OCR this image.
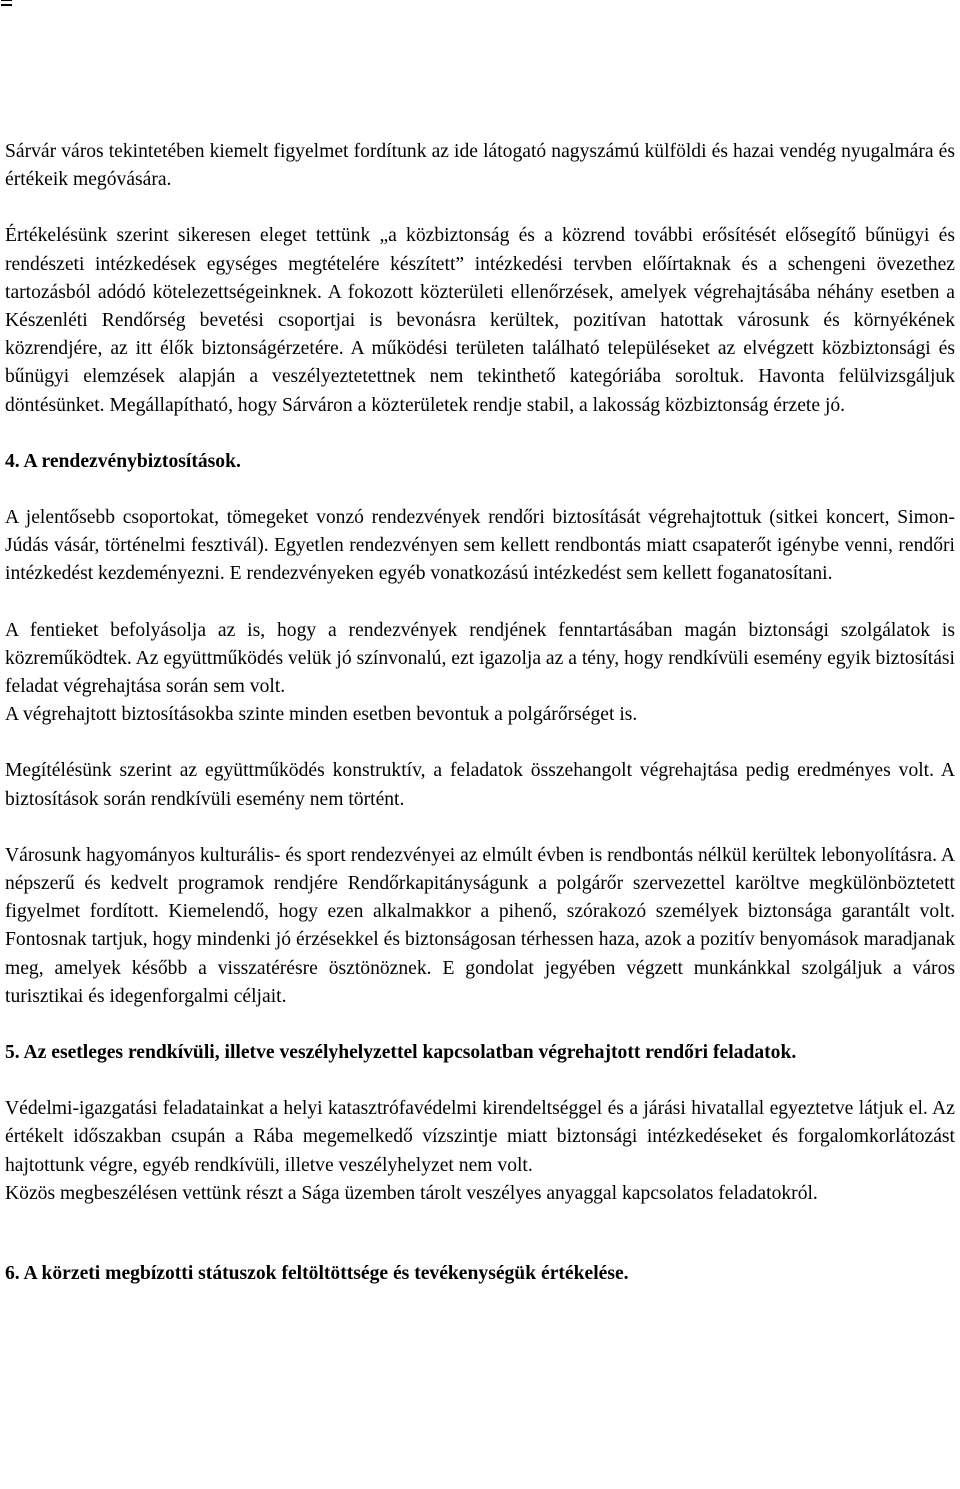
Sárvár város tekintetében kiemelt figyelmet fordítunk az ide látogató nagyszámú külföldi és hazai vendég nyugalmára és értékeik megóvására.

Értékelésünk szerint sikeresen eleget tettünk „a közbiztonság és a közrend további erősítését elősegítő bűnügyi és rendészeti intézkedések egységes megtételére készített” intézkedési tervben előírtaknak és a schengeni övezethez tartozásból adódó kötelezettségeinknek. A fokozott közterületi ellenőrzések, amelyek végrehajtásába néhány esetben a Készenléti Rendőrség bevetési csoportjai is bevonásra kerültek, pozitívan hatottak városunk és környékének közrendjére, az itt élők biztonságérzetére. A működési területen található településeket az elvégzett közbiztonsági és bűnügyi elemzések alapján a veszélyeztetettnek nem tekinthető kategóriába soroltuk. Havonta felülvizsgáljuk döntésünket. Megállapítható, hogy Sárváron a közterületek rendje stabil, a lakosság közbiztonság érzete jó.

4. A rendezvénybiztosítások.

A jelentősebb csoportokat, tömegeket vonzó rendezvények rendőri biztosítását végrehajtottuk (sitkei koncert, Simon-Júdás vásár, történelmi fesztivál). Egyetlen rendezvényen sem kellett rendbontás miatt csapaterőt igénybe venni, rendőri intézkedést kezdeményezni. E rendezvényeken egyéb vonatkozású intézkedést sem kellett foganatosítani.

A fentieket befolyásolja az is, hogy a rendezvények rendjének fenntartásában magán biztonsági szolgálatok is közreműködtek. Az együttműködés velük jó színvonalú, ezt igazolja az a tény, hogy rendkívüli esemény egyik biztosítási feladat végrehajtása során sem volt.

A végrehajtott biztosításokba szinte minden esetben bevontuk a polgárőrséget is.

Megítélésünk szerint az együttműködés konstruktív, a feladatok összehangolt végrehajtása pedig eredményes volt. A biztosítások során rendkívüli esemény nem történt.

Városunk hagyományos kulturális- és sport rendezvényei az elmúlt évben is rendbontás nélkül kerültek lebonyolításra. A népszerű és kedvelt programok rendjére Rendőrkapitányságunk a polgárőr szervezettel karöltve megkülönböztetett figyelmet fordított. Kiemelendő, hogy ezen alkalmakkor a pihenő, szórakozó személyek biztonsága garantált volt. Fontosnak tartjuk, hogy mindenki jó érzésekkel és biztonságosan térhessen haza, azok a pozitív benyomások maradjanak meg, amelyek később a visszatérésre ösztönöznek. E gondolat jegyében végzett munkánkkal szolgáljuk a város turisztikai és idegenforgalmi céljait.

5. Az esetleges rendkívüli, illetve veszélyhelyzettel kapcsolatban végrehajtott rendőri feladatok.

Védelmi-igazgatási feladatainkat a helyi katasztrófavédelmi kirendeltséggel és a járási hivatallal egyeztetve látjuk el. Az értékelt időszakban csupán a Rába megemelkedő vízszintje miatt biztonsági intézkedéseket és forgalomkorlátozást hajtottunk végre, egyéb rendkívüli, illetve veszélyhelyzet nem volt.

Közös megbeszélésen vettünk részt a Sága üzemben tárolt veszélyes anyaggal kapcsolatos feladatokról.

6. A körzeti megbízotti státuszok feltöltöttsége és tevékenységük értékelése.
